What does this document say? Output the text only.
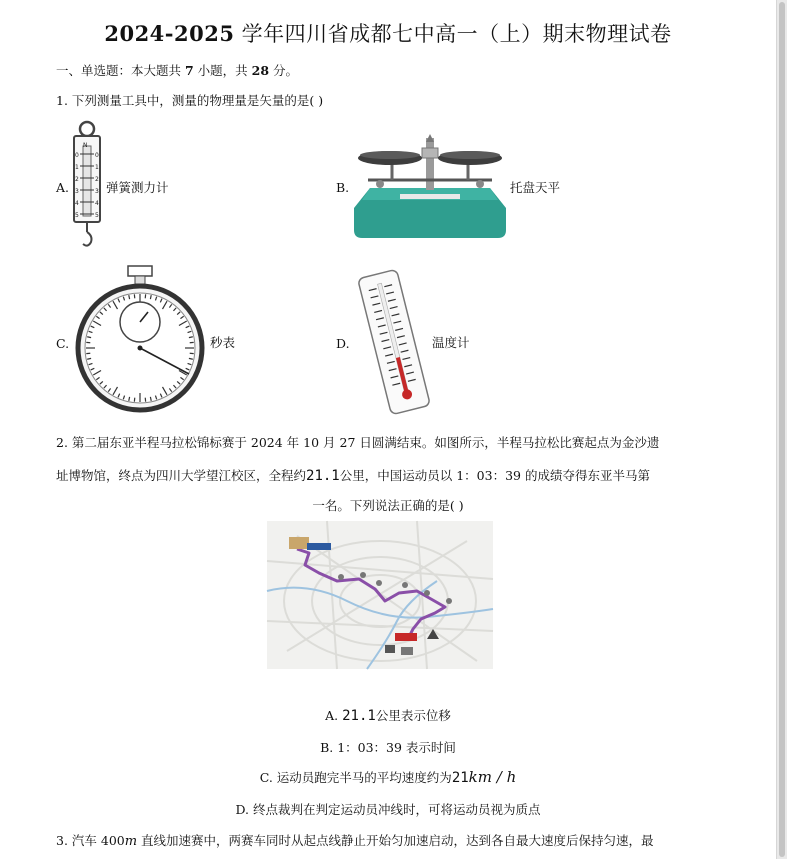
2024-2025 学年四川省成都七中高一（上）期末物理试卷
一、单选题：本大题共 7 小题，共 28 分。
1. 下列测量工具中，测量的物理量是矢量的是( )
A.
N
0
1
2
3
4
5
0
1
2
3
4
5
弹簧测力计	B.	托盘天平
C.	秒表	D.	温度计
2. 第二届东亚半程马拉松锦标赛于 2024 年 10 月 27 日圆满结束。如图所示，半程马拉松比赛起点为金沙遗
址博物馆，终点为四川大学望江校区，全程约21.1公里，中国运动员以 1：03：39 的成绩夺得东亚半马第
一名。下列说法正确的是( )
A. 21.1公里表示位移
B. 1：03：39 表示时间
C. 运动员跑完半马的平均速度约为21km / h
D. 终点裁判在判定运动员冲线时，可将运动员视为质点
3. 汽车 400m 直线加速赛中，两赛车同时从起点线静止开始匀加速启动，达到各自最大速度后保持匀速，最
